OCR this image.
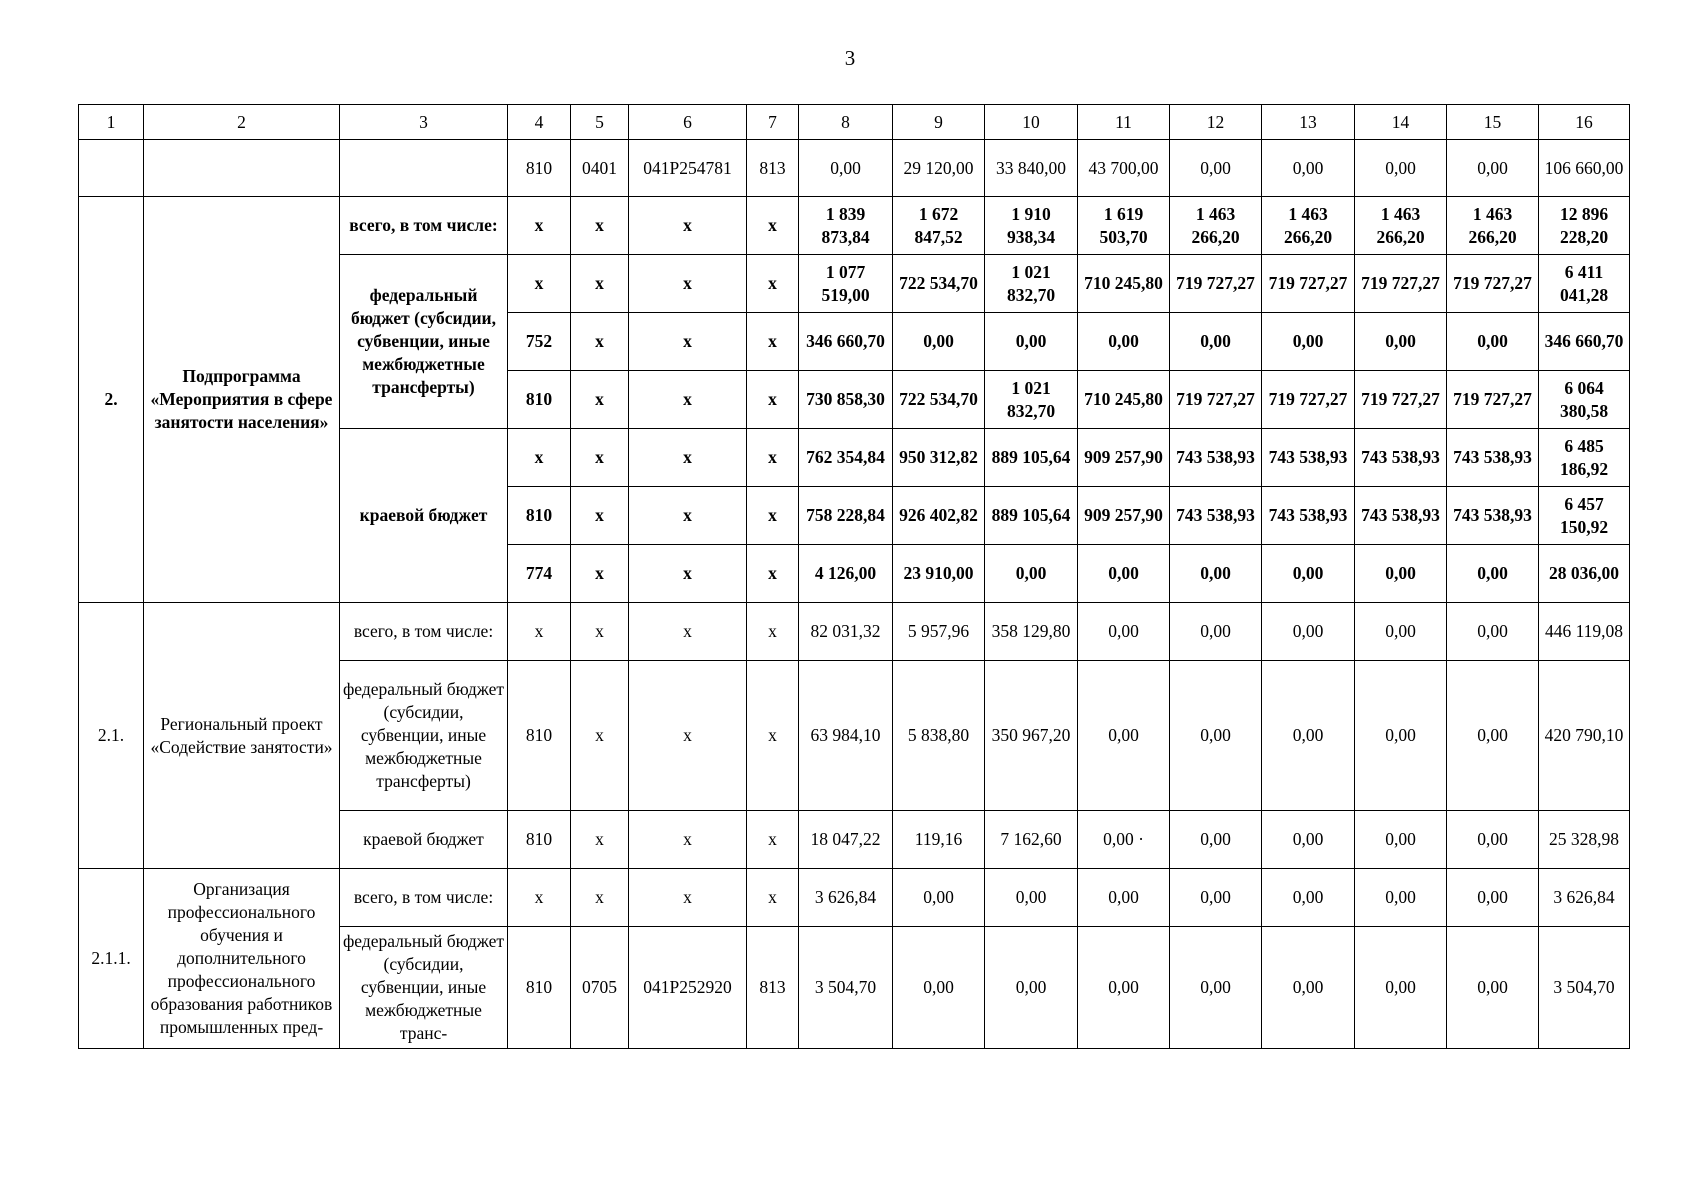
3
1	2	3	4	5	6	7	8	9	10	11	12	13	14	15	16
			810	0401	041P254781	813	0,00	29 120,00	33 840,00	43 700,00	0,00	0,00	0,00	0,00	106 660,00
2.	Подпрограмма «Мероприятия в сфере занятости населения»	всего, в том числе:	х	х	х	х	1 839 873,84	1 672 847,52	1 910 938,34	1 619 503,70	1 463 266,20	1 463 266,20	1 463 266,20	1 463 266,20	12 896 228,20
		федеральный бюджет (субсидии, субвенции, иные межбюджетные трансферты)	х	х	х	х	1 077 519,00	722 534,70	1 021 832,70	710 245,80	719 727,27	719 727,27	719 727,27	719 727,27	6 411 041,28
			752	х	х	х	346 660,70	0,00	0,00	0,00	0,00	0,00	0,00	0,00	346 660,70
			810	х	х	х	730 858,30	722 534,70	1 021 832,70	710 245,80	719 727,27	719 727,27	719 727,27	719 727,27	6 064 380,58
		краевой бюджет	х	х	х	х	762 354,84	950 312,82	889 105,64	909 257,90	743 538,93	743 538,93	743 538,93	743 538,93	6 485 186,92
			810	х	х	х	758 228,84	926 402,82	889 105,64	909 257,90	743 538,93	743 538,93	743 538,93	743 538,93	6 457 150,92
			774	х	х	х	4 126,00	23 910,00	0,00	0,00	0,00	0,00	0,00	0,00	28 036,00

2.1.	Региональный проект «Содействие занятости»	всего, в том числе:	х	х	х	х	82 031,32	5 957,96	358 129,80	0,00	0,00	0,00	0,00	0,00	446 119,08
		федеральный бюджет (субсидии, субвенции, иные межбюджетные трансферты)	810	х	х	х	63 984,10	5 838,80	350 967,20	0,00	0,00	0,00	0,00	0,00	420 790,10
		краевой бюджет	810	х	х	х	18 047,22	119,16	7 162,60	0,00 ·	0,00	0,00	0,00	0,00	25 328,98
2.1.1.	Организация профессионального обучения и дополнительного профессионального образования работников промышленных пред-	всего, в том числе:	х	х	х	х	3 626,84	0,00	0,00	0,00	0,00	0,00	0,00	0,00	3 626,84
		федеральный бюджет (субсидии, субвенции, иные межбюджетные транс-	810	0705	041P252920	813	3 504,70	0,00	0,00	0,00	0,00	0,00	0,00	0,00	3 504,70
